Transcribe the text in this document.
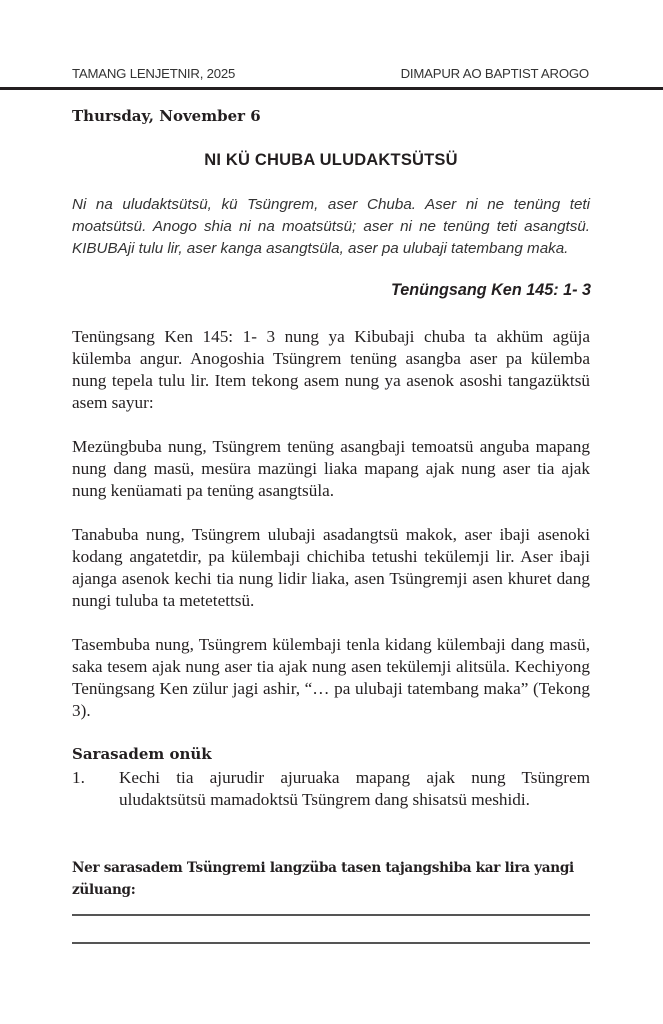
TAMANG LENJETNIR, 2025	DIMAPUR AO BAPTIST AROGO
Thursday, November 6
NI KÜ CHUBA ULUDAKTSÜTSÜ
Ni na uludaktsütsü, kü Tsüngrem, aser Chuba. Aser ni ne tenüng teti moatsütsü. Anogo shia ni na moatsütsü; aser ni ne tenüng teti asangtsü. KIBUBAji tulu lir, aser kanga asangtsüla, aser pa ulubaji tatembang maka.
Tenüngsang Ken 145: 1- 3
Tenüngsang Ken 145: 1- 3 nung ya Kibubaji chuba ta akhüm agüja külemba angur. Anogoshia Tsüngrem tenüng asangba aser pa külemba nung tepela tulu lir. Item tekong asem nung ya asenok asoshi tangazüktsü asem sayur:
Mezüngbuba nung, Tsüngrem tenüng asangbaji temoatsü anguba mapang nung dang masü, mesüra mazüngi liaka mapang ajak nung aser tia ajak nung kenüamati pa tenüng asangtsüla.
Tanabuba nung, Tsüngrem ulubaji asadangtsü makok, aser ibaji asenoki kodang angatetdir, pa külembaji chichiba tetushi tekülemji lir. Aser ibaji ajanga asenok kechi tia nung lidir liaka, asen Tsüngremji asen khuret dang nungi tuluba ta metetettsü.
Tasembuba nung, Tsüngrem külembaji tenla kidang külembaji dang masü, saka tesem ajak nung aser tia ajak nung asen tekülemji alitsüla. Kechiyong Tenüngsang Ken zülur jagi ashir, “… pa ulubaji tatembang maka” (Tekong 3).
Sarasadem onük
1. Kechi tia ajurudir ajuruaka mapang ajak nung Tsüngrem uludaktsütsü mamadoktsü Tsüngrem dang shisatsü meshidi.
Ner sarasadem Tsüngremi langzüba tasen tajangshiba kar lira yangi züluang:
